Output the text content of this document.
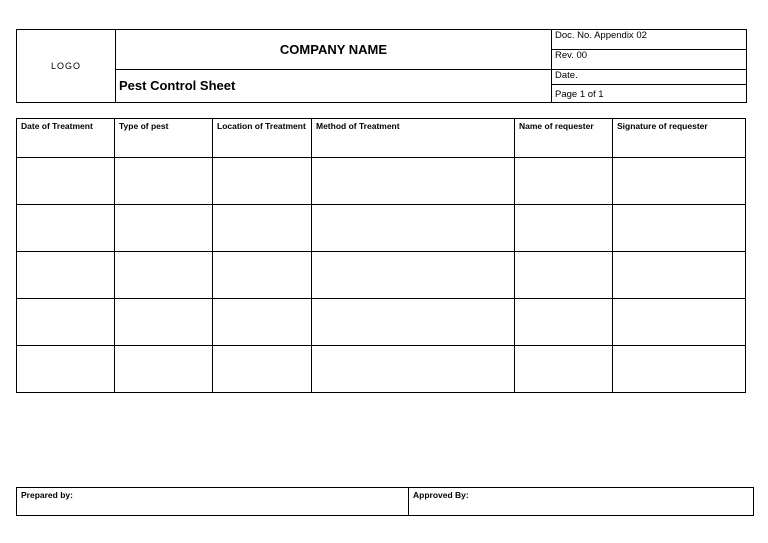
LOGO	COMPANY NAME	Doc. No. Appendix 02
		Rev. 00
	Pest Control Sheet	Date.
		Page 1 of 1
Date of Treatment	Type of pest	Location of Treatment	Method of Treatment	Name of requester	Signature of requester

Prepared by:	Approved By:
